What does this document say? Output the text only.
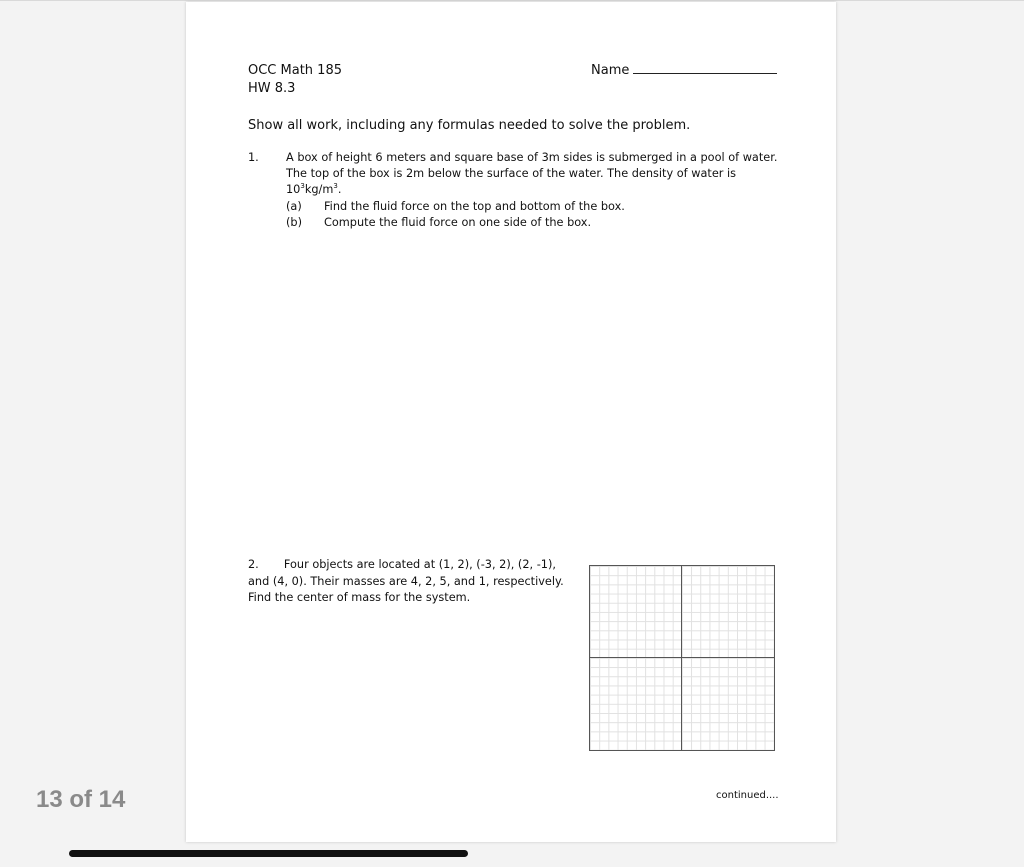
OCC Math 185
HW 8.3
Name
Show all work, including any formulas needed to solve the problem.
1. A box of height 6 meters and square base of 3m sides is submerged in a pool of water.
The top of the box is 2m below the surface of the water. The density of water is
$10^3kg/m^3$.
(a) Find the fluid force on the top and bottom of the box.
(b) Compute the fluid force on one side of the box.
2. Four objects are located at (1, 2), (-3, 2), (2, -1), and (4, 0). Their masses are 4, 2, 5, and 1, respectively. Find the center of mass for the system.
continued....
13 of 14
